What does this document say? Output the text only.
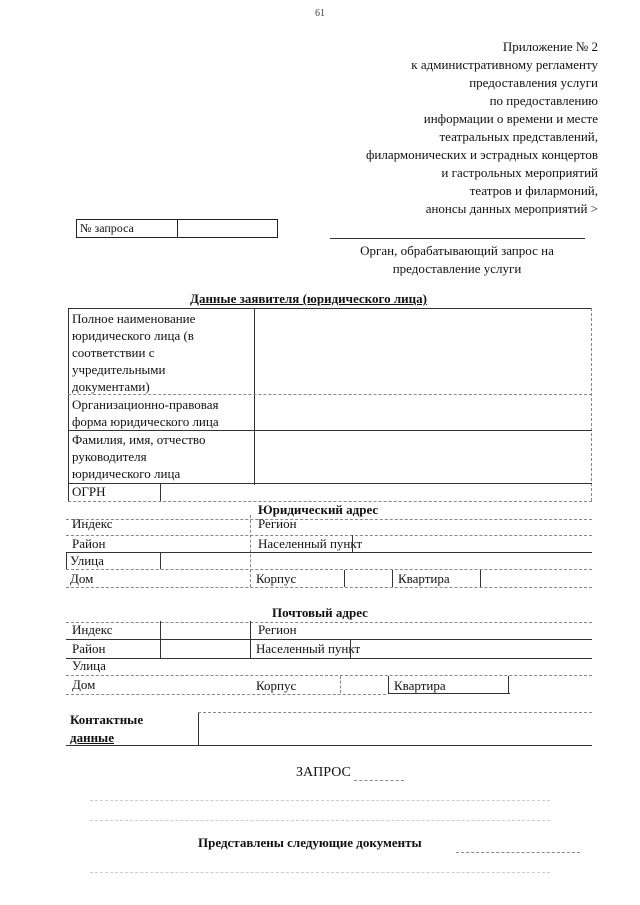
61
Приложение № 2
к административному регламенту
предоставления услуги
по предоставлению
информации о времени и месте
театральных представлений,
филармонических и эстрадных концертов
и гастрольных мероприятий
театров и филармоний,
анонсы данных мероприятий >
№ запроса
Орган, обрабатывающий запрос на
предоставление услуги
Данные заявителя (юридического лица)
Полное наименование
юридического лица (в
соответствии с
учредительными
документами)
Организационно-правовая
форма юридического лица
Фамилия, имя, отчество
руководителя
юридического лица
ОГРН
Юридический адрес
Индекс	Регион
Район	Населенный пункт
Улица
Дом	Корпус	Квартира
Почтовый адрес
Индекс	Регион
Район	Населенный пункт
Улица
Дом	Корпус	Квартира
Контактные
данные
ЗАПРОС
Представлены следующие документы
